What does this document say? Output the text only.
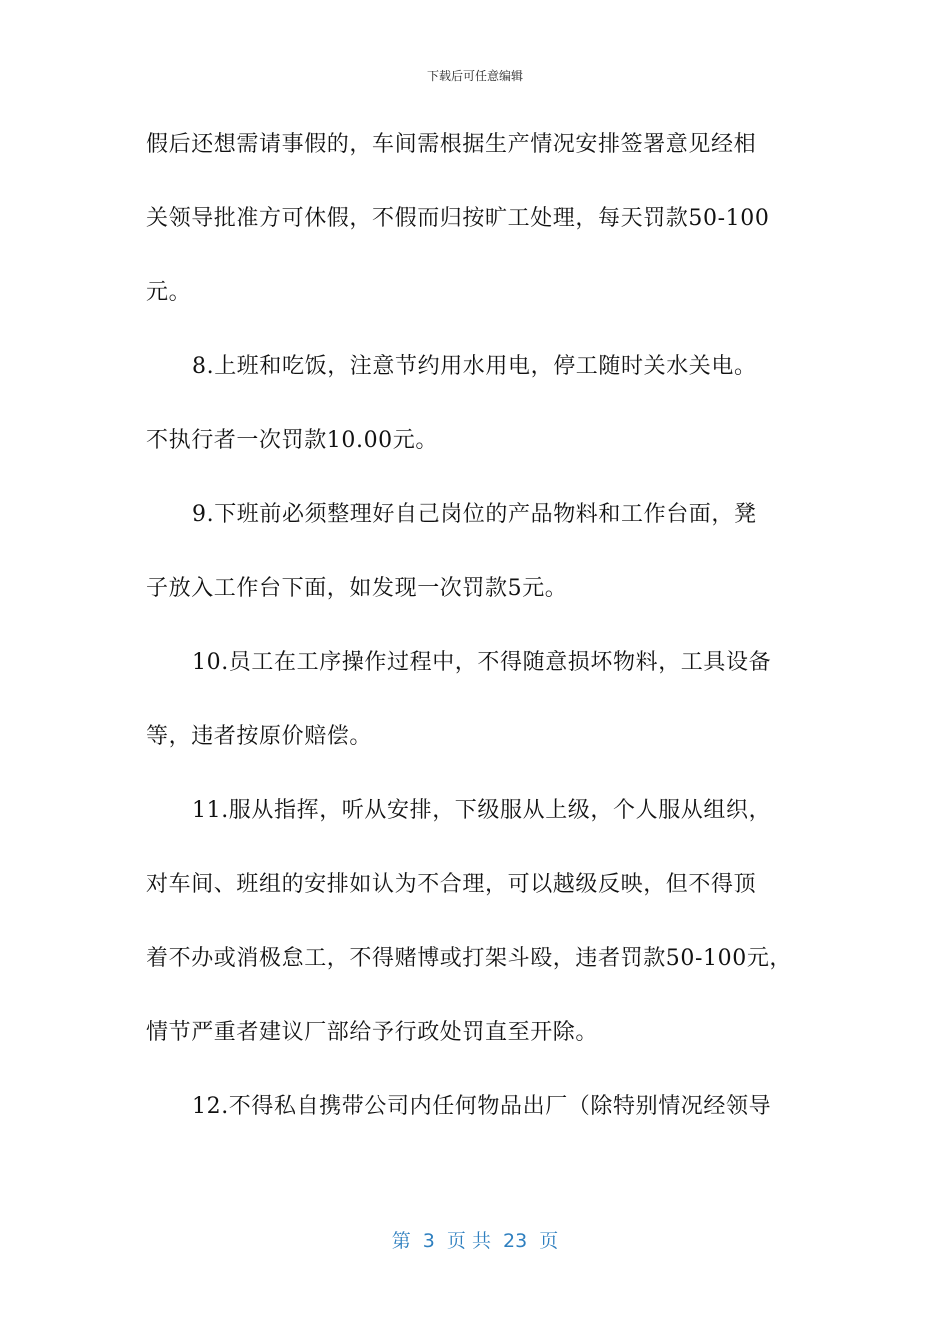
下载后可任意编辑
假后还想需请事假的，车间需根据生产情况安排签署意见经相
关领导批准方可休假，不假而归按旷工处理，每天罚款50-100
元。
8.上班和吃饭，注意节约用水用电，停工随时关水关电。
不执行者一次罚款10.00元。
9.下班前必须整理好自己岗位的产品物料和工作台面，凳
子放入工作台下面，如发现一次罚款5元。
10.员工在工序操作过程中，不得随意损坏物料，工具设备
等，违者按原价赔偿。
11.服从指挥，听从安排，下级服从上级，个人服从组织，
对车间、班组的安排如认为不合理，可以越级反映，但不得顶
着不办或消极怠工，不得赌博或打架斗殴，违者罚款50-100元，
情节严重者建议厂部给予行政处罚直至开除。
12.不得私自携带公司内任何物品出厂（除特别情况经领导
第  3  页 共  23  页
